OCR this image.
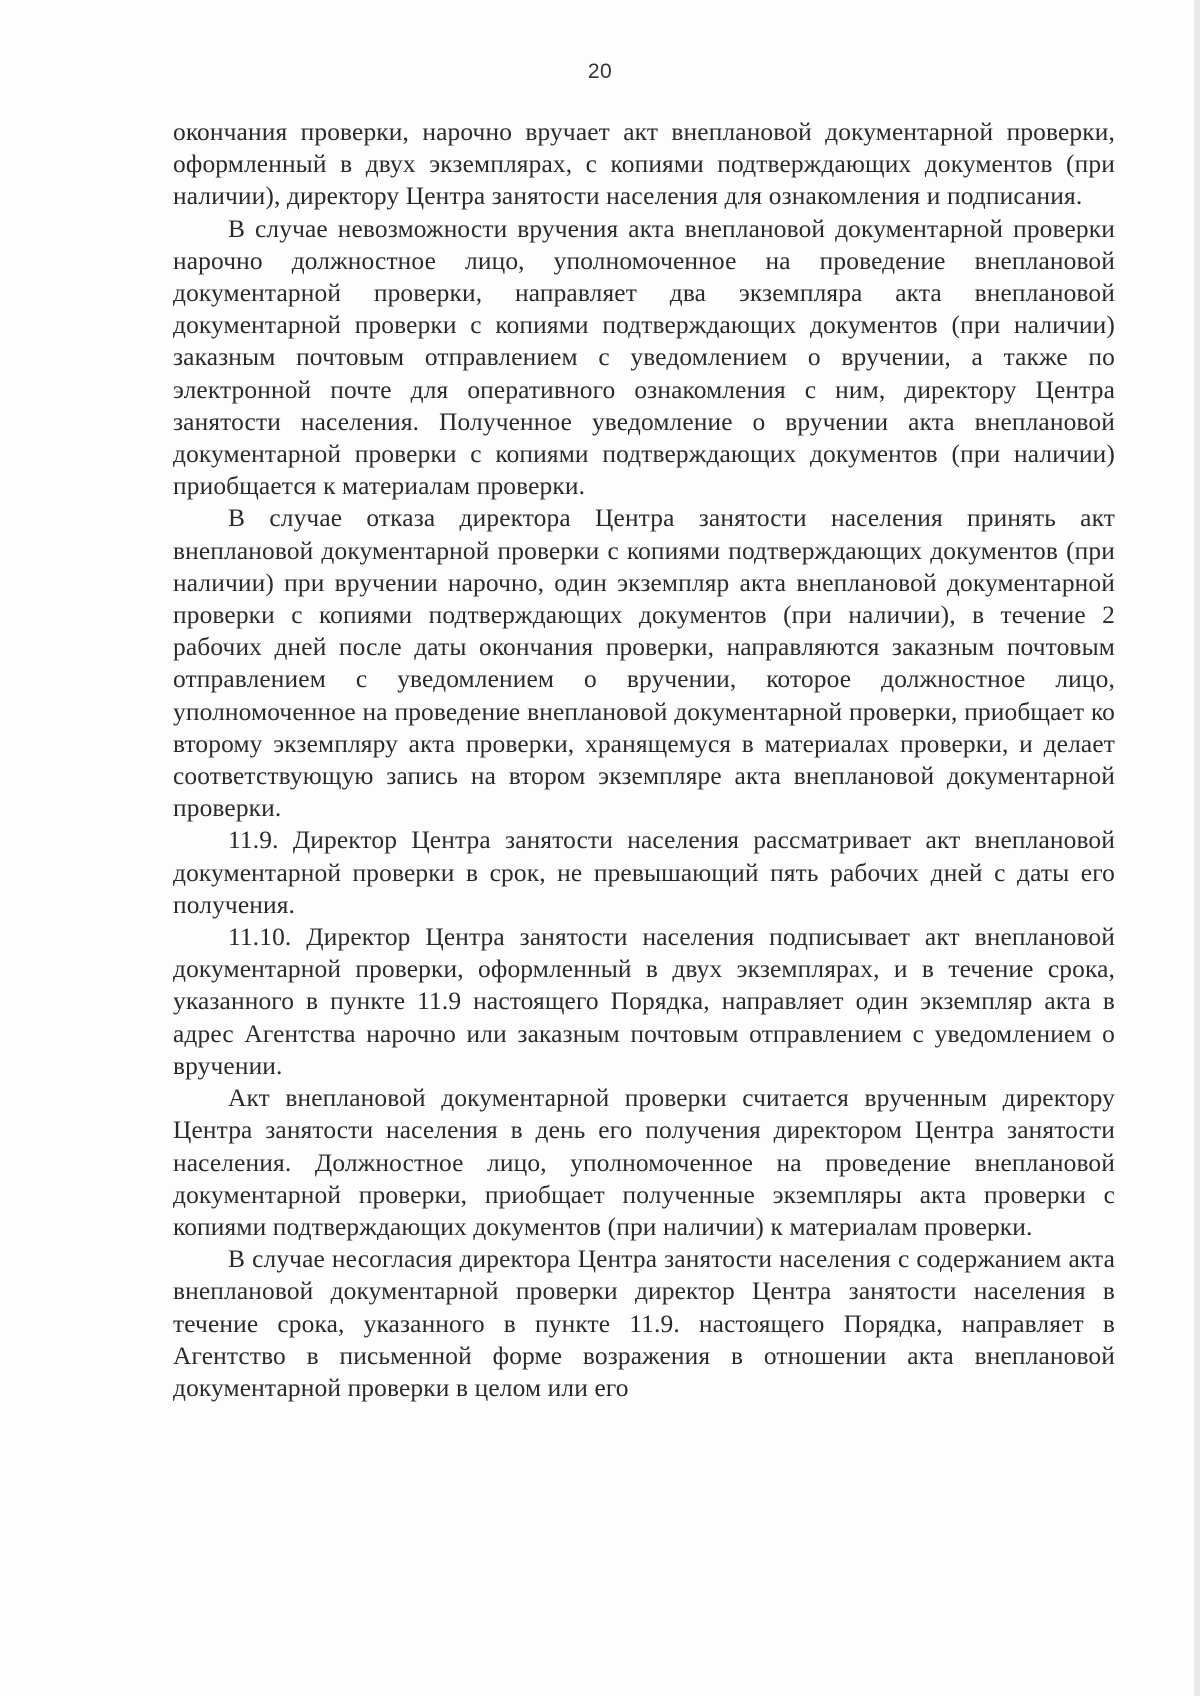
20

окончания проверки, нарочно вручает акт внеплановой документарной проверки, оформленный в двух экземплярах, с копиями подтверждающих документов (при наличии), директору Центра занятости населения для ознакомления и подписания.

В случае невозможности вручения акта внеплановой документарной проверки нарочно должностное лицо, уполномоченное на проведение внеплановой документарной проверки, направляет два экземпляра акта внеплановой документарной проверки с копиями подтверждающих документов (при наличии) заказным почтовым отправлением с уведомлением о вручении, а также по электронной почте для оперативного ознакомления с ним, директору Центра занятости населения. Полученное уведомление о вручении акта внеплановой документарной проверки с копиями подтверждающих документов (при наличии) приобщается к материалам проверки.

В случае отказа директора Центра занятости населения принять акт внеплановой документарной проверки с копиями подтверждающих документов (при наличии) при вручении нарочно, один экземпляр акта внеплановой документарной проверки с копиями подтверждающих документов (при наличии), в течение 2 рабочих дней после даты окончания проверки, направляются заказным почтовым отправлением с уведомлением о вручении, которое должностное лицо, уполномоченное на проведение внеплановой документарной проверки, приобщает ко второму экземпляру акта проверки, хранящемуся в материалах проверки, и делает соответствующую запись на втором экземпляре акта внеплановой документарной проверки.

11.9. Директор Центра занятости населения рассматривает акт внеплановой документарной проверки в срок, не превышающий пять рабочих дней с даты его получения.

11.10. Директор Центра занятости населения подписывает акт внеплановой документарной проверки, оформленный в двух экземплярах, и в течение срока, указанного в пункте 11.9 настоящего Порядка, направляет один экземпляр акта в адрес Агентства нарочно или заказным почтовым отправлением с уведомлением о вручении.

Акт внеплановой документарной проверки считается врученным директору Центра занятости населения в день его получения директором Центра занятости населения. Должностное лицо, уполномоченное на проведение внеплановой документарной проверки, приобщает полученные экземпляры акта проверки с копиями подтверждающих документов (при наличии) к материалам проверки.

В случае несогласия директора Центра занятости населения с содержанием акта внеплановой документарной проверки директор Центра занятости населения в течение срока, указанного в пункте 11.9. настоящего Порядка, направляет в Агентство в письменной форме возражения в отношении акта внеплановой документарной проверки в целом или его
